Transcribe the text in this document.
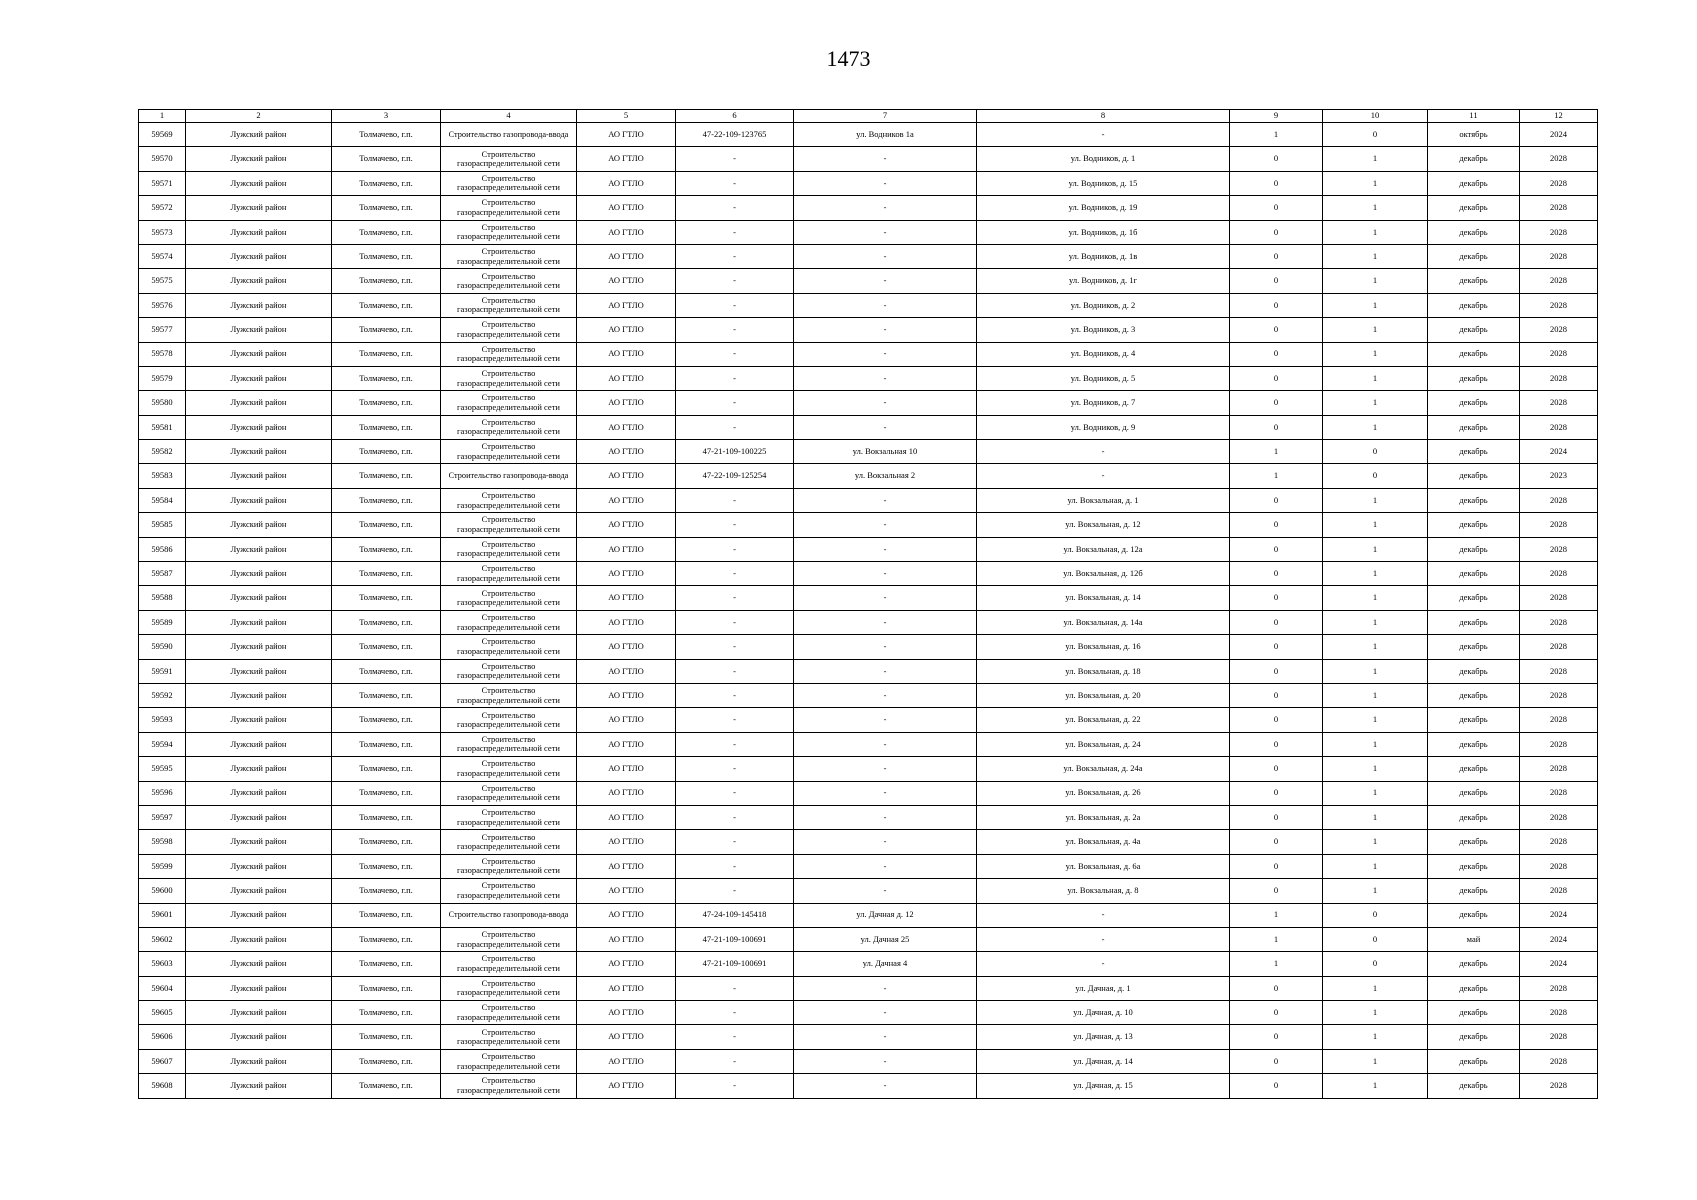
1473
1	2	3	4	5	6	7	8	9	10	11	12
59569	Лужский район	Толмачево, г.п.	Строительство газопровода-ввода	АО ГТЛО	47-22-109-123765	ул. Водников 1а	-	1	0	октябрь	2024
59570	Лужский район	Толмачево, г.п.	Строительство газораспределительной сети	АО ГТЛО	-	-	ул. Водников, д. 1	0	1	декабрь	2028
59571	Лужский район	Толмачево, г.п.	Строительство газораспределительной сети	АО ГТЛО	-	-	ул. Водников, д. 15	0	1	декабрь	2028
59572	Лужский район	Толмачево, г.п.	Строительство газораспределительной сети	АО ГТЛО	-	-	ул. Водников, д. 19	0	1	декабрь	2028
59573	Лужский район	Толмачево, г.п.	Строительство газораспределительной сети	АО ГТЛО	-	-	ул. Водников, д. 1б	0	1	декабрь	2028
59574	Лужский район	Толмачево, г.п.	Строительство газораспределительной сети	АО ГТЛО	-	-	ул. Водников, д. 1в	0	1	декабрь	2028
59575	Лужский район	Толмачево, г.п.	Строительство газораспределительной сети	АО ГТЛО	-	-	ул. Водников, д. 1г	0	1	декабрь	2028
59576	Лужский район	Толмачево, г.п.	Строительство газораспределительной сети	АО ГТЛО	-	-	ул. Водников, д. 2	0	1	декабрь	2028
59577	Лужский район	Толмачево, г.п.	Строительство газораспределительной сети	АО ГТЛО	-	-	ул. Водников, д. 3	0	1	декабрь	2028
59578	Лужский район	Толмачево, г.п.	Строительство газораспределительной сети	АО ГТЛО	-	-	ул. Водников, д. 4	0	1	декабрь	2028
59579	Лужский район	Толмачево, г.п.	Строительство газораспределительной сети	АО ГТЛО	-	-	ул. Водников, д. 5	0	1	декабрь	2028
59580	Лужский район	Толмачево, г.п.	Строительство газораспределительной сети	АО ГТЛО	-	-	ул. Водников, д. 7	0	1	декабрь	2028
59581	Лужский район	Толмачево, г.п.	Строительство газораспределительной сети	АО ГТЛО	-	-	ул. Водников, д. 9	0	1	декабрь	2028
59582	Лужский район	Толмачево, г.п.	Строительство газораспределительной сети	АО ГТЛО	47-21-109-100225	ул. Вокзальная 10	-	1	0	декабрь	2024
59583	Лужский район	Толмачево, г.п.	Строительство газопровода-ввода	АО ГТЛО	47-22-109-125254	ул. Вокзальная 2	-	1	0	декабрь	2023
59584	Лужский район	Толмачево, г.п.	Строительство газораспределительной сети	АО ГТЛО	-	-	ул. Вокзальная, д. 1	0	1	декабрь	2028
59585	Лужский район	Толмачево, г.п.	Строительство газораспределительной сети	АО ГТЛО	-	-	ул. Вокзальная, д. 12	0	1	декабрь	2028
59586	Лужский район	Толмачево, г.п.	Строительство газораспределительной сети	АО ГТЛО	-	-	ул. Вокзальная, д. 12а	0	1	декабрь	2028
59587	Лужский район	Толмачево, г.п.	Строительство газораспределительной сети	АО ГТЛО	-	-	ул. Вокзальная, д. 12б	0	1	декабрь	2028
59588	Лужский район	Толмачево, г.п.	Строительство газораспределительной сети	АО ГТЛО	-	-	ул. Вокзальная, д. 14	0	1	декабрь	2028
59589	Лужский район	Толмачево, г.п.	Строительство газораспределительной сети	АО ГТЛО	-	-	ул. Вокзальная, д. 14а	0	1	декабрь	2028
59590	Лужский район	Толмачево, г.п.	Строительство газораспределительной сети	АО ГТЛО	-	-	ул. Вокзальная, д. 16	0	1	декабрь	2028
59591	Лужский район	Толмачево, г.п.	Строительство газораспределительной сети	АО ГТЛО	-	-	ул. Вокзальная, д. 18	0	1	декабрь	2028
59592	Лужский район	Толмачево, г.п.	Строительство газораспределительной сети	АО ГТЛО	-	-	ул. Вокзальная, д. 20	0	1	декабрь	2028
59593	Лужский район	Толмачево, г.п.	Строительство газораспределительной сети	АО ГТЛО	-	-	ул. Вокзальная, д. 22	0	1	декабрь	2028
59594	Лужский район	Толмачево, г.п.	Строительство газораспределительной сети	АО ГТЛО	-	-	ул. Вокзальная, д. 24	0	1	декабрь	2028
59595	Лужский район	Толмачево, г.п.	Строительство газораспределительной сети	АО ГТЛО	-	-	ул. Вокзальная, д. 24а	0	1	декабрь	2028
59596	Лужский район	Толмачево, г.п.	Строительство газораспределительной сети	АО ГТЛО	-	-	ул. Вокзальная, д. 26	0	1	декабрь	2028
59597	Лужский район	Толмачево, г.п.	Строительство газораспределительной сети	АО ГТЛО	-	-	ул. Вокзальная, д. 2а	0	1	декабрь	2028
59598	Лужский район	Толмачево, г.п.	Строительство газораспределительной сети	АО ГТЛО	-	-	ул. Вокзальная, д. 4а	0	1	декабрь	2028
59599	Лужский район	Толмачево, г.п.	Строительство газораспределительной сети	АО ГТЛО	-	-	ул. Вокзальная, д. 6а	0	1	декабрь	2028
59600	Лужский район	Толмачево, г.п.	Строительство газораспределительной сети	АО ГТЛО	-	-	ул. Вокзальная, д. 8	0	1	декабрь	2028
59601	Лужский район	Толмачево, г.п.	Строительство газопровода-ввода	АО ГТЛО	47-24-109-145418	ул. Дачная д. 12	-	1	0	декабрь	2024
59602	Лужский район	Толмачево, г.п.	Строительство газораспределительной сети	АО ГТЛО	47-21-109-100691	ул. Дачная 25	-	1	0	май	2024
59603	Лужский район	Толмачево, г.п.	Строительство газораспределительной сети	АО ГТЛО	47-21-109-100691	ул. Дачная 4	-	1	0	декабрь	2024
59604	Лужский район	Толмачево, г.п.	Строительство газораспределительной сети	АО ГТЛО	-	-	ул. Дачная, д. 1	0	1	декабрь	2028
59605	Лужский район	Толмачево, г.п.	Строительство газораспределительной сети	АО ГТЛО	-	-	ул. Дачная, д. 10	0	1	декабрь	2028
59606	Лужский район	Толмачево, г.п.	Строительство газораспределительной сети	АО ГТЛО	-	-	ул. Дачная, д. 13	0	1	декабрь	2028
59607	Лужский район	Толмачево, г.п.	Строительство газораспределительной сети	АО ГТЛО	-	-	ул. Дачная, д. 14	0	1	декабрь	2028
59608	Лужский район	Толмачево, г.п.	Строительство газораспределительной сети	АО ГТЛО	-	-	ул. Дачная, д. 15	0	1	декабрь	2028
